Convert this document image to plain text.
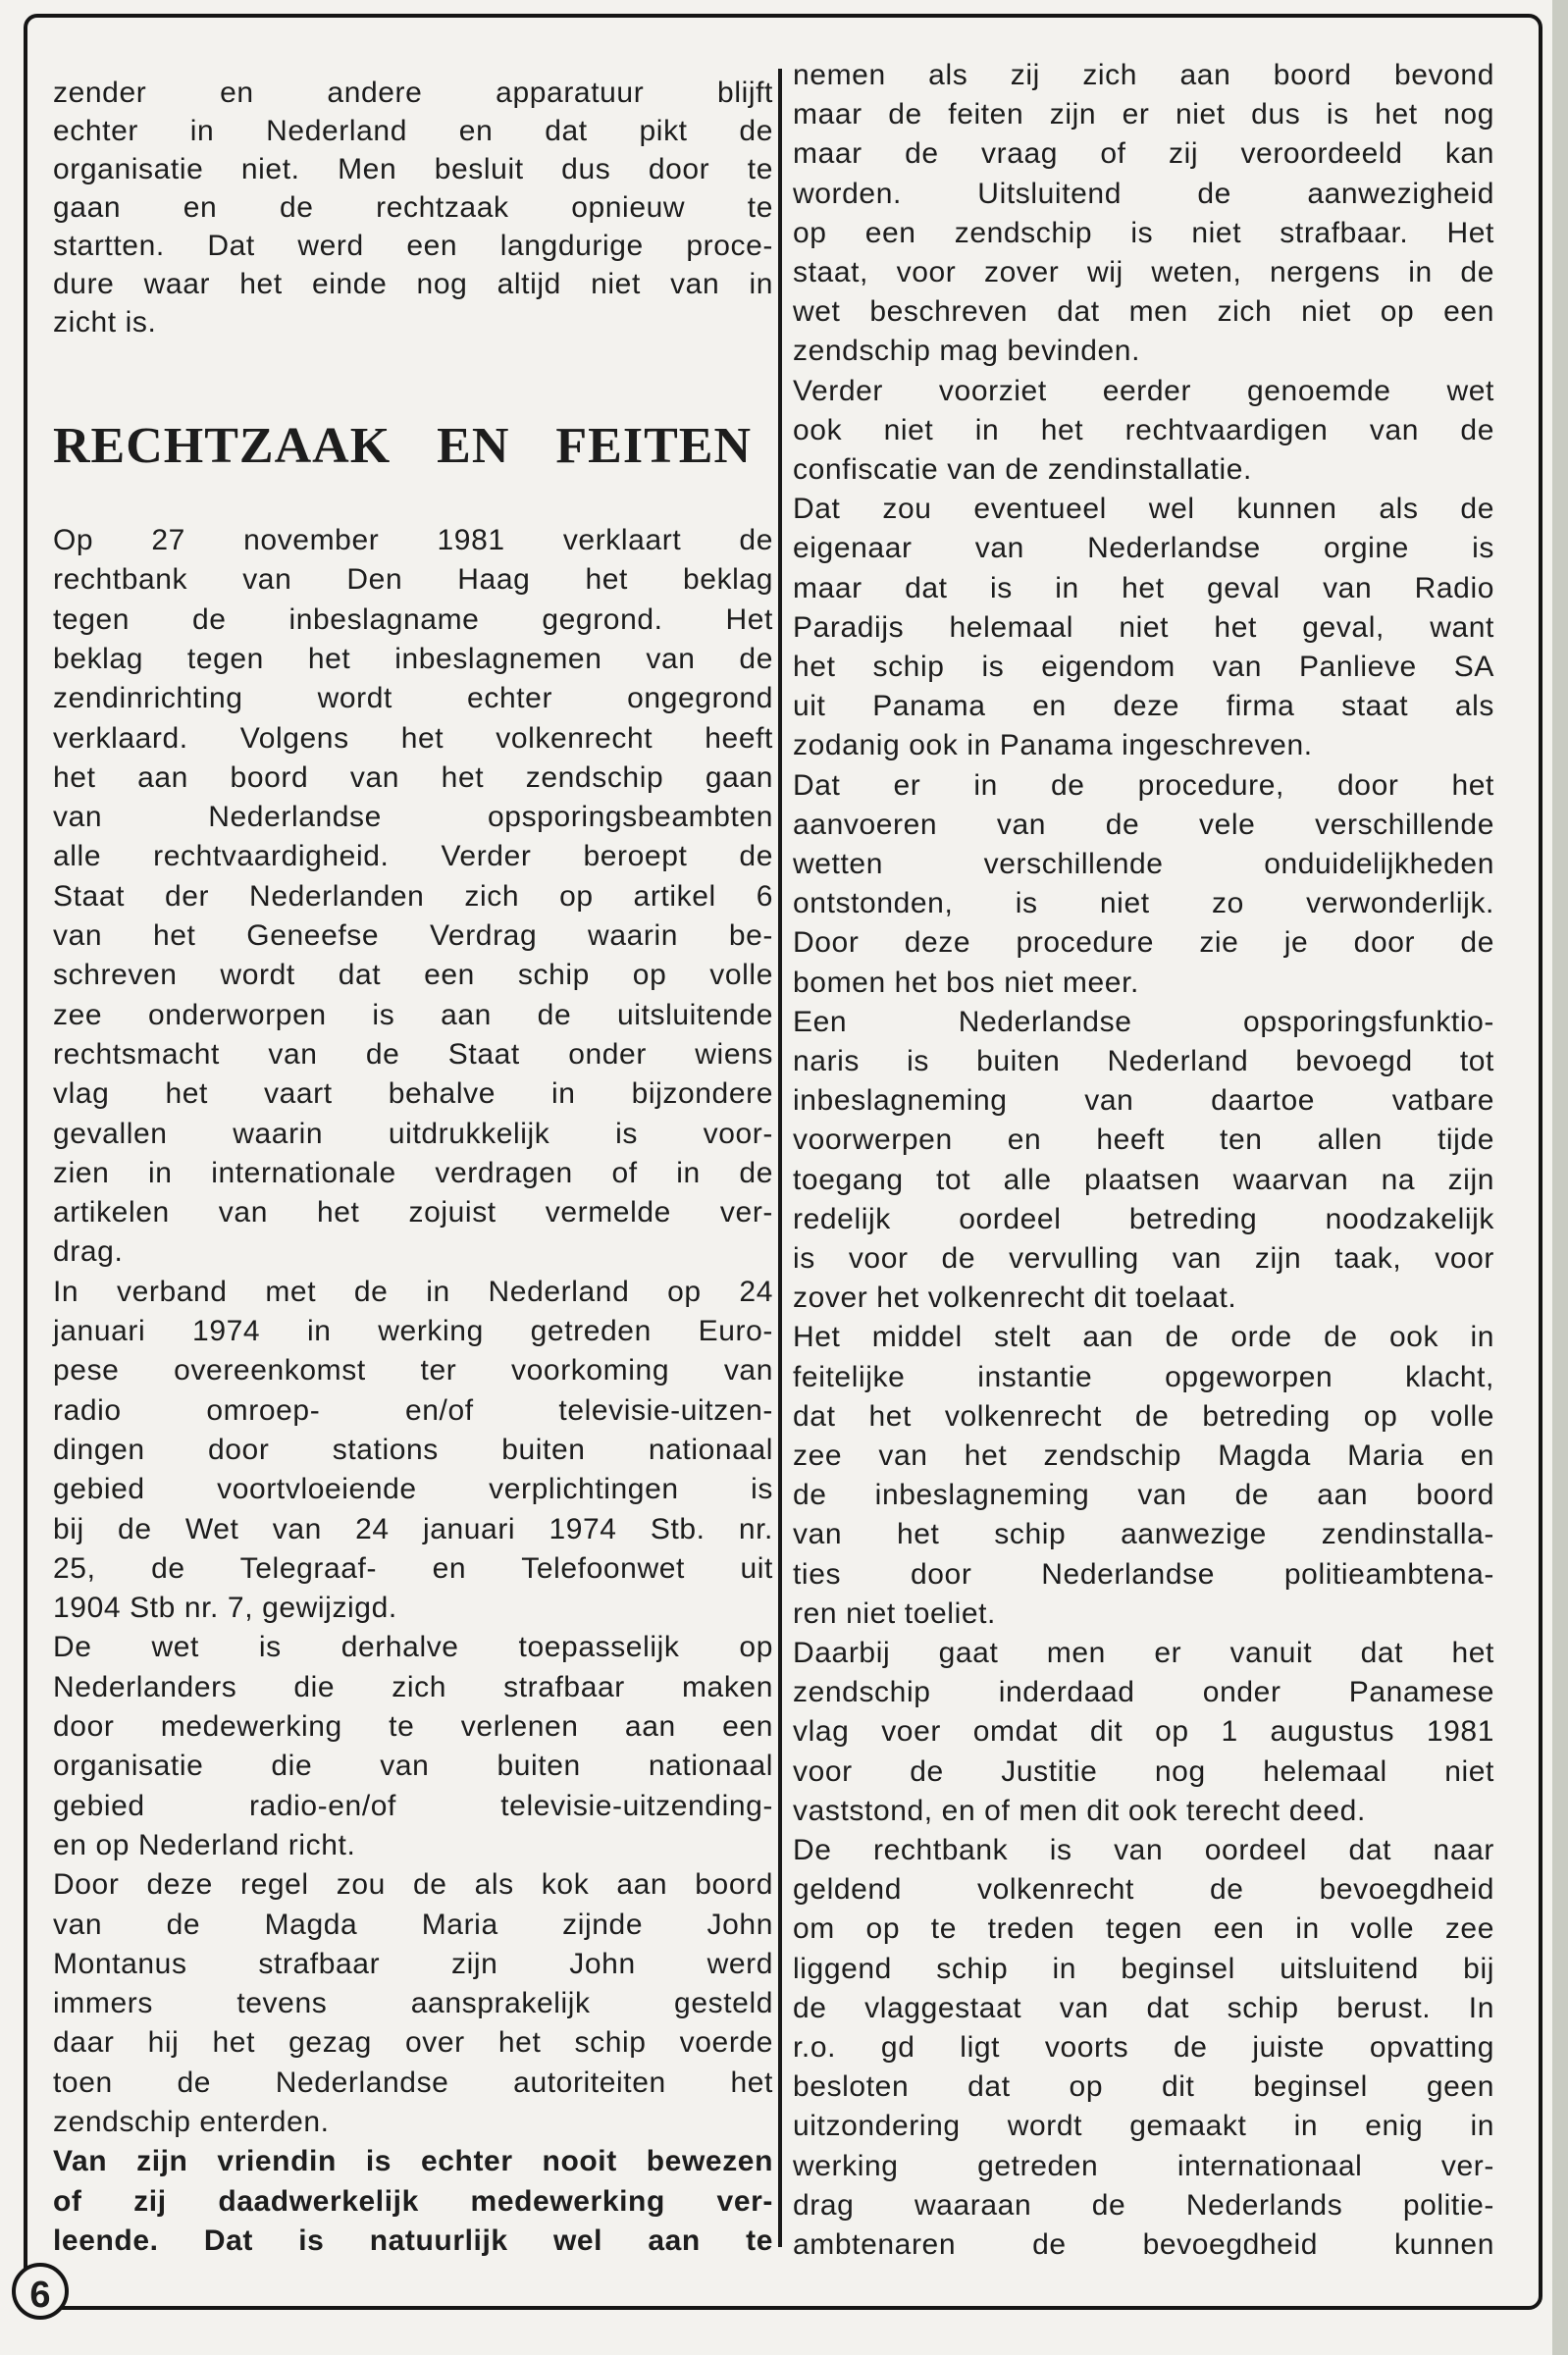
zender en andere apparatuur blijft
echter in Nederland en dat pikt de
organisatie niet. Men besluit dus door te
gaan en de rechtzaak opnieuw te
startten. Dat werd een langdurige proce-
dure waar het einde nog altijd niet van in
zicht is.
RECHTZAAK EN FEITEN
Op 27 november 1981 verklaart de
rechtbank van Den Haag het beklag
tegen de inbeslagname gegrond. Het
beklag tegen het inbeslagnemen van de
zendinrichting wordt echter ongegrond
verklaard. Volgens het volkenrecht heeft
het aan boord van het zendschip gaan
van Nederlandse opsporingsbeambten
alle rechtvaardigheid. Verder beroept de
Staat der Nederlanden zich op artikel 6
van het Geneefse Verdrag waarin be-
schreven wordt dat een schip op volle
zee onderworpen is aan de uitsluitende
rechtsmacht van de Staat onder wiens
vlag het vaart behalve in bijzondere
gevallen waarin uitdrukkelijk is voor-
zien in internationale verdragen of in de
artikelen van het zojuist vermelde ver-
drag.
In verband met de in Nederland op 24
januari 1974 in werking getreden Euro-
pese overeenkomst ter voorkoming van
radio omroep- en/of televisie-uitzen-
dingen door stations buiten nationaal
gebied voortvloeiende verplichtingen is
bij de Wet van 24 januari 1974 Stb. nr.
25, de Telegraaf- en Telefoonwet uit
1904 Stb nr. 7, gewijzigd.
De wet is derhalve toepasselijk op
Nederlanders die zich strafbaar maken
door medewerking te verlenen aan een
organisatie die van buiten nationaal
gebied radio-en/of televisie-uitzending-
en op Nederland richt.
Door deze regel zou de als kok aan boord
van de Magda Maria zijnde John
Montanus strafbaar zijn John werd
immers tevens aansprakelijk gesteld
daar hij het gezag over het schip voerde
toen de Nederlandse autoriteiten het
zendschip enterden.
Van zijn vriendin is echter nooit bewezen
of zij daadwerkelijk medewerking ver-
leende. Dat is natuurlijk wel aan te
nemen als zij zich aan boord bevond
maar de feiten zijn er niet dus is het nog
maar de vraag of zij veroordeeld kan
worden. Uitsluitend de aanwezigheid
op een zendschip is niet strafbaar. Het
staat, voor zover wij weten, nergens in de
wet beschreven dat men zich niet op een
zendschip mag bevinden.
Verder voorziet eerder genoemde wet
ook niet in het rechtvaardigen van de
confiscatie van de zendinstallatie.
Dat zou eventueel wel kunnen als de
eigenaar van Nederlandse orgine is
maar dat is in het geval van Radio
Paradijs helemaal niet het geval, want
het schip is eigendom van Panlieve SA
uit Panama en deze firma staat als
zodanig ook in Panama ingeschreven.
Dat er in de procedure, door het
aanvoeren van de vele verschillende
wetten verschillende onduidelijkheden
ontstonden, is niet zo verwonderlijk.
Door deze procedure zie je door de
bomen het bos niet meer.
Een Nederlandse opsporingsfunktio-
naris is buiten Nederland bevoegd tot
inbeslagneming van daartoe vatbare
voorwerpen en heeft ten allen tijde
toegang tot alle plaatsen waarvan na zijn
redelijk oordeel betreding noodzakelijk
is voor de vervulling van zijn taak, voor
zover het volkenrecht dit toelaat.
Het middel stelt aan de orde de ook in
feitelijke instantie opgeworpen klacht,
dat het volkenrecht de betreding op volle
zee van het zendschip Magda Maria en
de inbeslagneming van de aan boord
van het schip aanwezige zendinstalla-
ties door Nederlandse politieambtena-
ren niet toeliet.
Daarbij gaat men er vanuit dat het
zendschip inderdaad onder Panamese
vlag voer omdat dit op 1 augustus 1981
voor de Justitie nog helemaal niet
vaststond, en of men dit ook terecht deed.
De rechtbank is van oordeel dat naar
geldend volkenrecht de bevoegdheid
om op te treden tegen een in volle zee
liggend schip in beginsel uitsluitend bij
de vlaggestaat van dat schip berust. In
r.o. gd ligt voorts de juiste opvatting
besloten dat op dit beginsel geen
uitzondering wordt gemaakt in enig in
werking getreden internationaal ver-
drag waaraan de Nederlands politie-
ambtenaren de bevoegdheid kunnen
6
